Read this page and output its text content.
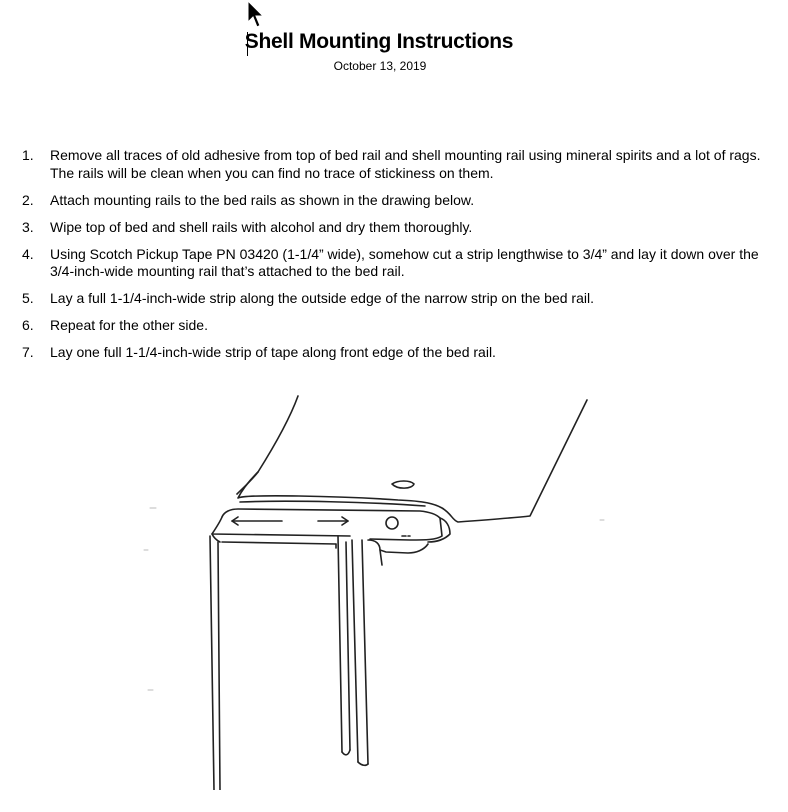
Shell Mounting Instructions
October 13, 2019
1.	Remove all traces of old adhesive from top of bed rail and shell mounting rail using mineral spirits and a lot of rags. The rails will be clean when you can find no trace of stickiness on them.
2.	Attach mounting rails to the bed rails as shown in the drawing below.
3.	Wipe top of bed and shell rails with alcohol and dry them thoroughly.
4.	Using Scotch Pickup Tape PN 03420 (1-1/4” wide), somehow cut a strip lengthwise to 3/4” and lay it down over the 3/4-inch-wide mounting rail that’s attached to the bed rail.
5.	Lay a full 1-1/4-inch-wide strip along the outside edge of the narrow strip on the bed rail.
6.	Repeat for the other side.
7.	Lay one full 1-1/4-inch-wide strip of tape along front edge of the bed rail.
